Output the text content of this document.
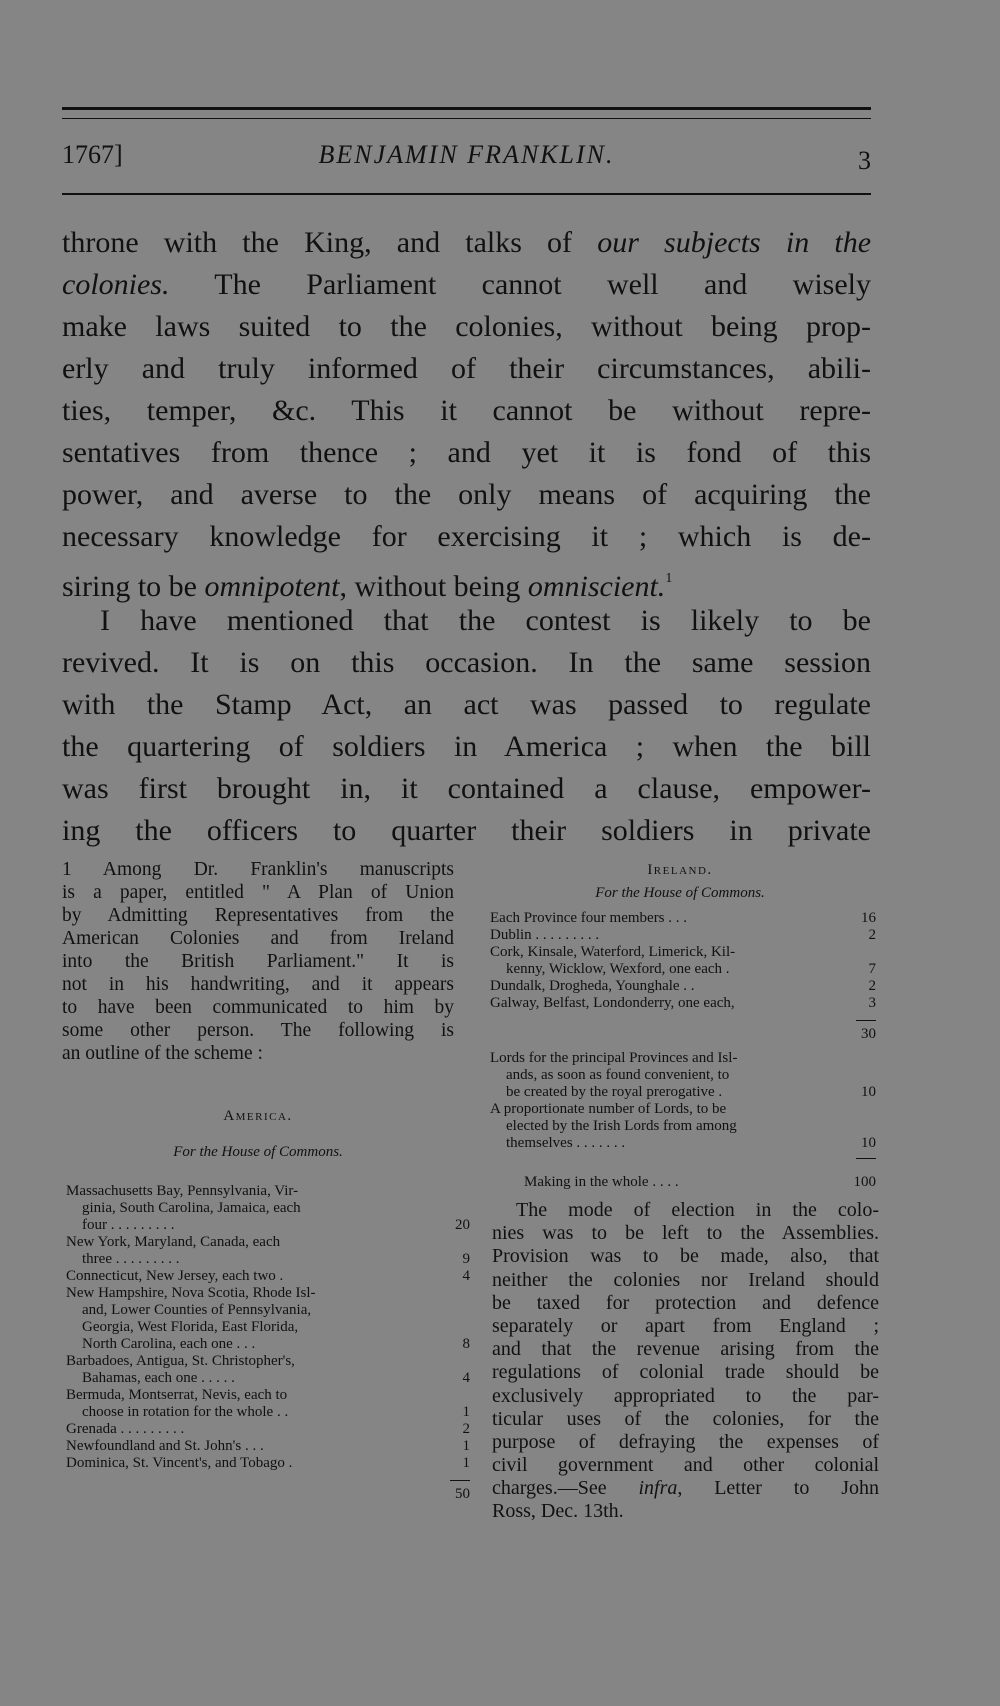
1767]	BENJAMIN FRANKLIN.	3
throne with the King, and talks of our subjects in the
colonies. The Parliament cannot well and wisely
make laws suited to the colonies, without being prop-
erly and truly informed of their circumstances, abili-
ties, temper, &c. This it cannot be without repre-
sentatives from thence ; and yet it is fond of this
power, and averse to the only means of acquiring the
necessary knowledge for exercising it ; which is de-
siring to be omnipotent, without being omniscient.$^1$
I have mentioned that the contest is likely to be
revived. It is on this occasion. In the same session
with the Stamp Act, an act was passed to regulate
the quartering of soldiers in America ; when the bill
was first brought in, it contained a clause, empower-
ing the officers to quarter their soldiers in private
1 Among Dr. Franklin's manuscripts
is a paper, entitled " A Plan of Union
by Admitting Representatives from the
American Colonies and from Ireland
into the British Parliament." It is
not in his handwriting, and it appears
to have been communicated to him by
some other person. The following is
an outline of the scheme :
America.
For the House of Commons.
Massachusetts Bay, Pennsylvania, Vir-
ginia, South Carolina, Jamaica, each
four . . . . . . . . .	20
New York, Maryland, Canada, each
three . . . . . . . . .	9
Connecticut, New Jersey, each two .	4
New Hampshire, Nova Scotia, Rhode Isl-
and, Lower Counties of Pennsylvania,
Georgia, West Florida, East Florida,
North Carolina, each one . . .	8
Barbadoes, Antigua, St. Christopher's,
Bahamas, each one . . . . .	4
Bermuda, Montserrat, Nevis, each to
choose in rotation for the whole . .	1
Grenada . . . . . . . . .	2
Newfoundland and St. John's . . .	1
Dominica, St. Vincent's, and Tobago .	1
50
Ireland.
For the House of Commons.
Each Province four members . . .	16
Dublin . . . . . . . . .	2
Cork, Kinsale, Waterford, Limerick, Kil-
kenny, Wicklow, Wexford, one each .	7
Dundalk, Drogheda, Younghale . .	2
Galway, Belfast, Londonderry, one each,	3
30
Lords for the principal Provinces and Isl-
ands, as soon as found convenient, to
be created by the royal prerogative .	10
A proportionate number of Lords, to be
elected by the Irish Lords from among
themselves . . . . . . .	10
Making in the whole . . . .	100
The mode of election in the colo-
nies was to be left to the Assemblies.
Provision was to be made, also, that
neither the colonies nor Ireland should
be taxed for protection and defence
separately or apart from England ;
and that the revenue arising from the
regulations of colonial trade should be
exclusively appropriated to the par-
ticular uses of the colonies, for the
purpose of defraying the expenses of
civil government and other colonial
charges.—See infra, Letter to John
Ross, Dec. 13th.
